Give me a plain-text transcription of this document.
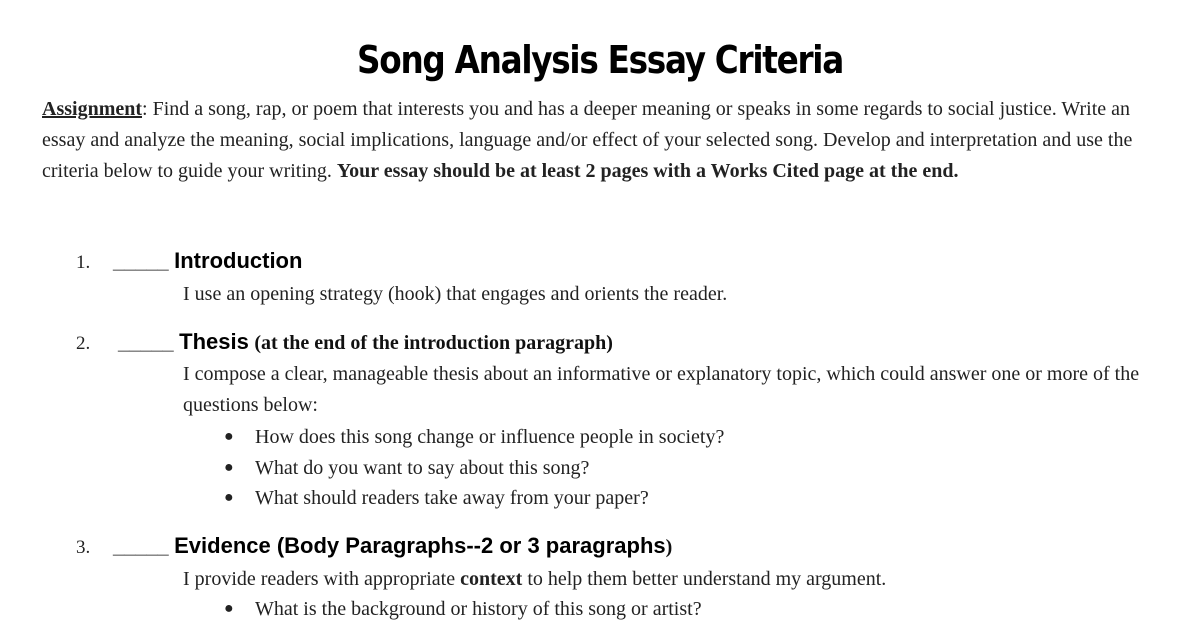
Song Analysis Essay Criteria

Assignment: Find a song, rap, or poem that interests you and has a deeper meaning or speaks in some regards to social justice. Write an essay and analyze the meaning, social implications, language and/or effect of your selected song. Develop and interpretation and use the criteria below to guide your writing. Your essay should be at least 2 pages with a Works Cited page at the end.

1. _____ Introduction

I use an opening strategy (hook) that engages and orients the reader.

2. _____ Thesis (at the end of the introduction paragraph)

I compose a clear, manageable thesis about an informative or explanatory topic, which could answer one or more of the questions below:

● How does this song change or influence people in society?
● What do you want to say about this song?
● What should readers take away from your paper?
3. _____ Evidence (Body Paragraphs--2 or 3 paragraphs)

I provide readers with appropriate context to help them better understand my argument.

● What is the background or history of this song or artist?
